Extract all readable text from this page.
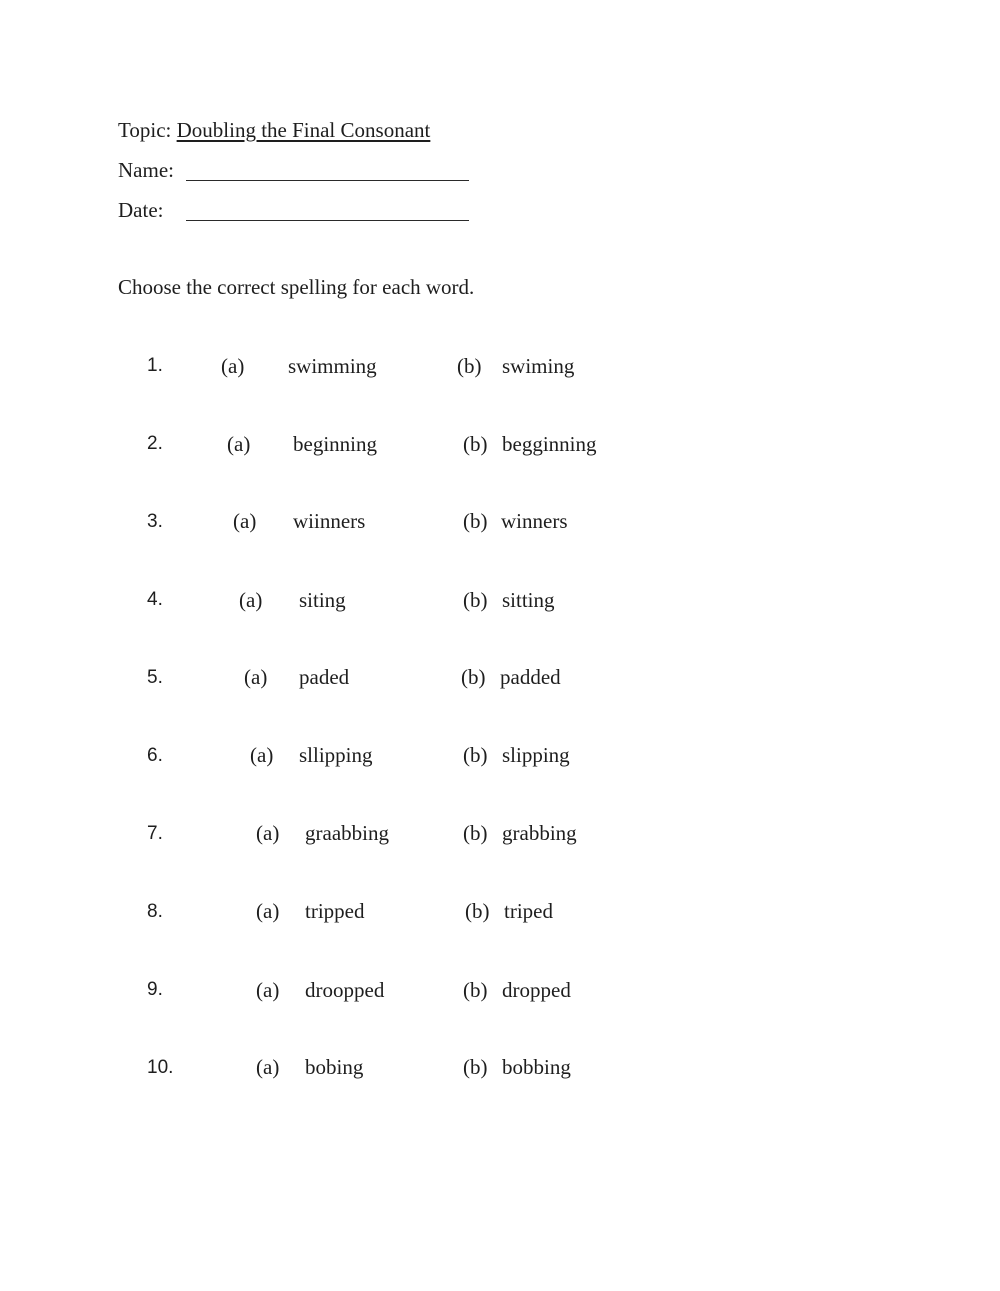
Topic: Doubling the Final Consonant
Name:
Date:
Choose the correct spelling for each word.
1.	(a) swimming	(b) swiming
2.	(a) beginning	(b) begginning
3.	(a) wiinners	(b) winners
4.	(a) siting	(b) sitting
5.	(a) paded	(b) padded
6.	(a) sllipping	(b) slipping
7.	(a) graabbing	(b) grabbing
8.	(a) tripped	(b) triped
9.	(a) droopped	(b) dropped
10.	(a) bobing	(b) bobbing
